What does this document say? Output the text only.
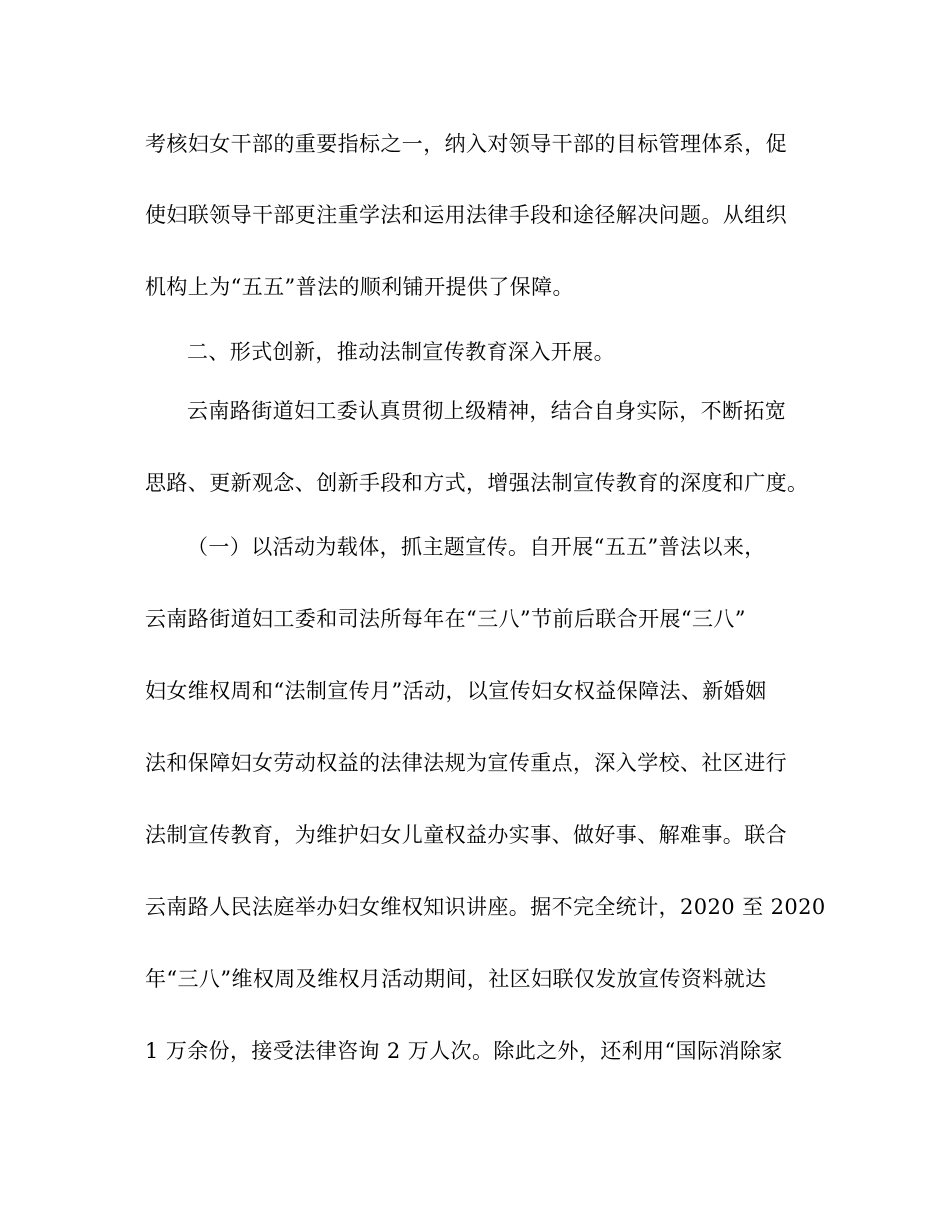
考核妇女干部的重要指标之一，纳入对领导干部的目标管理体系，促
使妇联领导干部更注重学法和运用法律手段和途径解决问题。从组织
机构上为“五五”普法的顺利铺开提供了保障。
二、形式创新，推动法制宣传教育深入开展。
云南路街道妇工委认真贯彻上级精神，结合自身实际，不断拓宽
思路、更新观念、创新手段和方式，增强法制宣传教育的深度和广度。
（一）以活动为载体，抓主题宣传。自开展“五五”普法以来，
云南路街道妇工委和司法所每年在“三八”节前后联合开展“三八”
妇女维权周和“法制宣传月”活动，以宣传妇女权益保障法、新婚姻
法和保障妇女劳动权益的法律法规为宣传重点，深入学校、社区进行
法制宣传教育，为维护妇女儿童权益办实事、做好事、解难事。联合
云南路人民法庭举办妇女维权知识讲座。据不完全统计，2020 至 2020
年“三八”维权周及维权月活动期间，社区妇联仅发放宣传资料就达
1 万余份，接受法律咨询 2 万人次。除此之外，还利用“国际消除家
